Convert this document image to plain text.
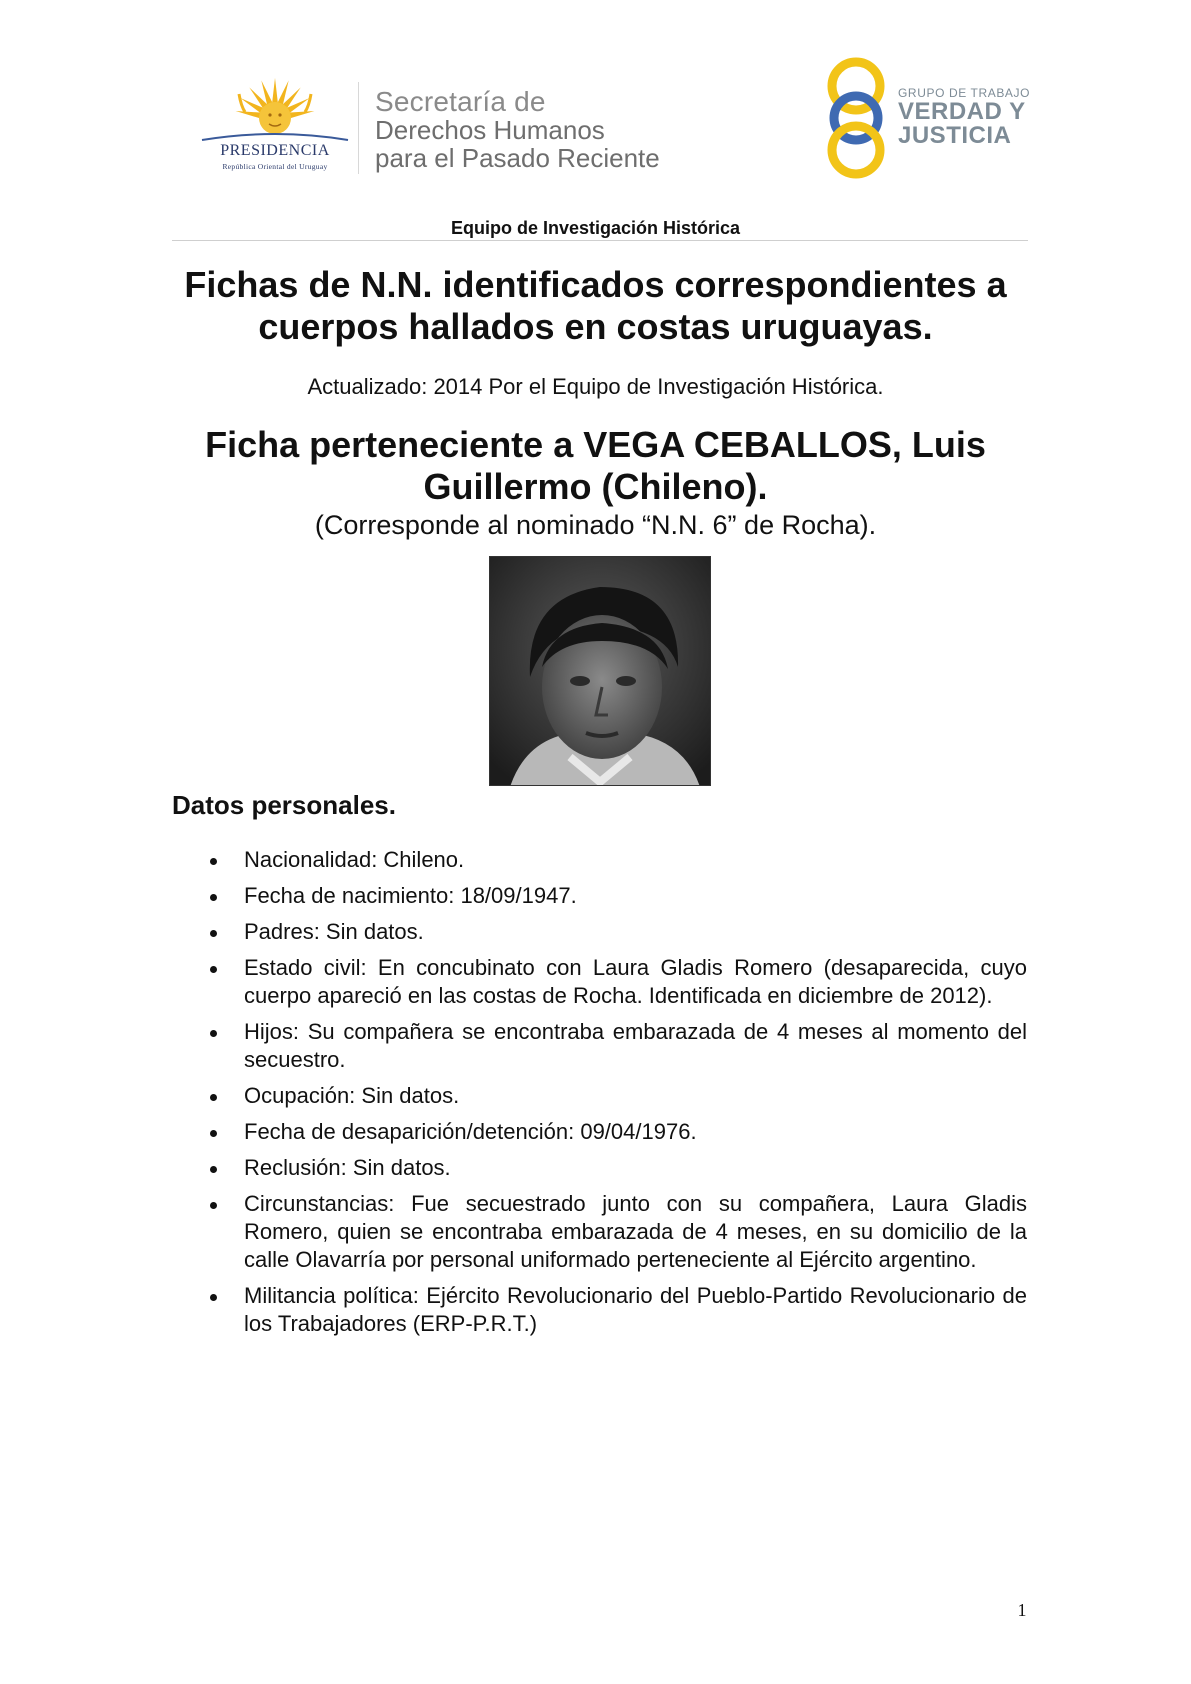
PRESIDENCIA
República Oriental del Uruguay
Secretaría de
Derechos Humanos
para el Pasado Reciente
GRUPO DE TRABAJO
VERDAD Y
JUSTICIA
Equipo de Investigación Histórica
Fichas de N.N. identificados correspondientes a cuerpos hallados en costas uruguayas.
Actualizado: 2014 Por el Equipo de Investigación Histórica.
Ficha perteneciente a VEGA CEBALLOS, Luis Guillermo (Chileno).
(Corresponde al nominado “N.N. 6” de Rocha).
Datos personales.
Nacionalidad: Chileno.
Fecha de nacimiento: 18/09/1947.
Padres: Sin datos.
Estado civil: En concubinato con Laura Gladis Romero (desaparecida, cuyo cuerpo apareció en las costas de Rocha. Identificada en diciembre de 2012).
Hijos: Su compañera se encontraba embarazada de 4 meses al momento del secuestro.
Ocupación: Sin datos.
Fecha de desaparición/detención: 09/04/1976.
Reclusión: Sin datos.
Circunstancias: Fue secuestrado junto con su compañera, Laura Gladis Romero, quien se encontraba embarazada de 4 meses, en su domicilio de la calle Olavarría por personal uniformado perteneciente al Ejército argentino.
Militancia política: Ejército Revolucionario del Pueblo-Partido Revolucionario de los Trabajadores (ERP-P.R.T.)
1
